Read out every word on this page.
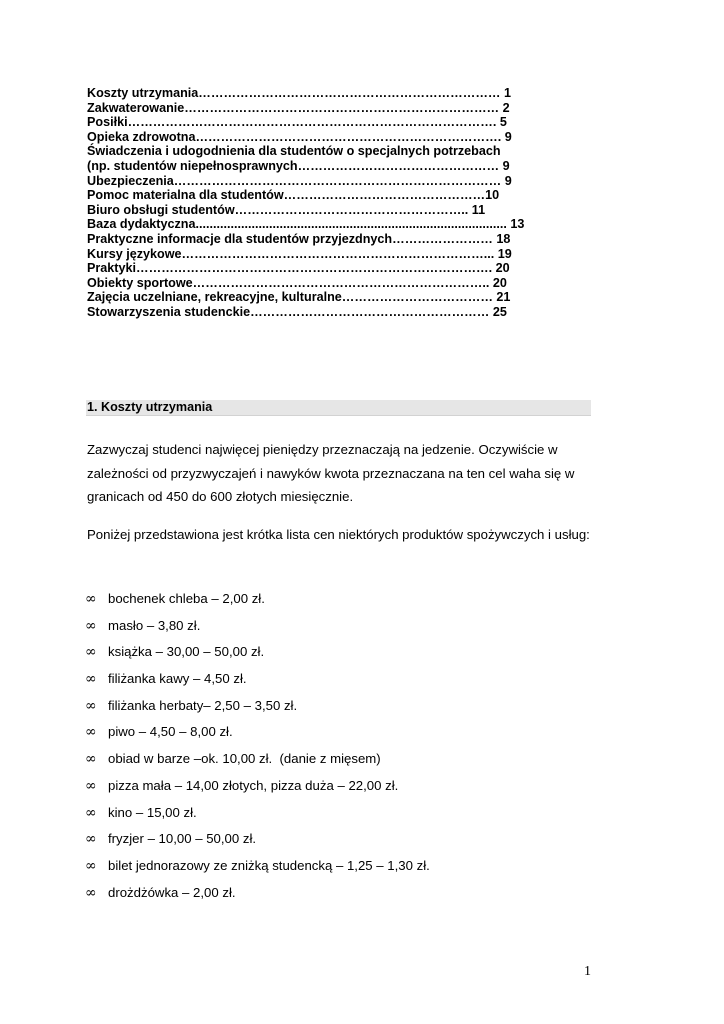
Koszty utrzymania……………………………………………………………… 1
Zakwaterowanie………………………………………………………………… 2
Posiłki……………………………………………………………………………. 5
Opieka zdrowotna………………………………………………………………. 9
Świadczenia i udogodnienia dla studentów o specjalnych potrzebach
(np. studentów niepełnosprawnych………………………………………… 9
Ubezpieczenia…………………………………………………………………… 9
Pomoc materialna dla studentów…………………………………………10
Biuro obsługi studentów……………………………………………….. 11
Baza dydaktyczna......................................................................................... 13
Praktyczne informacje dla studentów przyjezdnych…………………… 18
Kursy językowe………………………………………………………………... 19
Praktyki…………………………………………………………………………. 20
Obiekty sportowe…………………………………………………………….. 20
Zajęcia uczelniane, rekreacyjne, kulturalne……………………………… 21
Stowarzyszenia studenckie………………………………………………… 25
1. Koszty utrzymania
Zazwyczaj studenci najwięcej pieniędzy przeznaczają na jedzenie. Oczywiście w zależności od przyzwyczajeń i nawyków kwota przeznaczana na ten cel waha się w granicach od 450 do 600 złotych miesięcznie.
Poniżej przedstawiona jest krótka lista cen niektórych produktów spożywczych i usług:
∞ bochenek chleba – 2,00 zł.
∞ masło – 3,80 zł.
∞ książka – 30,00 – 50,00 zł.
∞ filiżanka kawy – 4,50 zł.
∞ filiżanka herbaty– 2,50 – 3,50 zł.
∞ piwo – 4,50 – 8,00 zł.
∞ obiad w barze –ok. 10,00 zł.  (danie z mięsem)
∞ pizza mała – 14,00 złotych, pizza duża – 22,00 zł.
∞ kino – 15,00 zł.
∞ fryzjer – 10,00 – 50,00 zł.
∞ bilet jednorazowy ze zniżką studencką – 1,25 – 1,30 zł.
∞ drożdżówka – 2,00 zł.
1
